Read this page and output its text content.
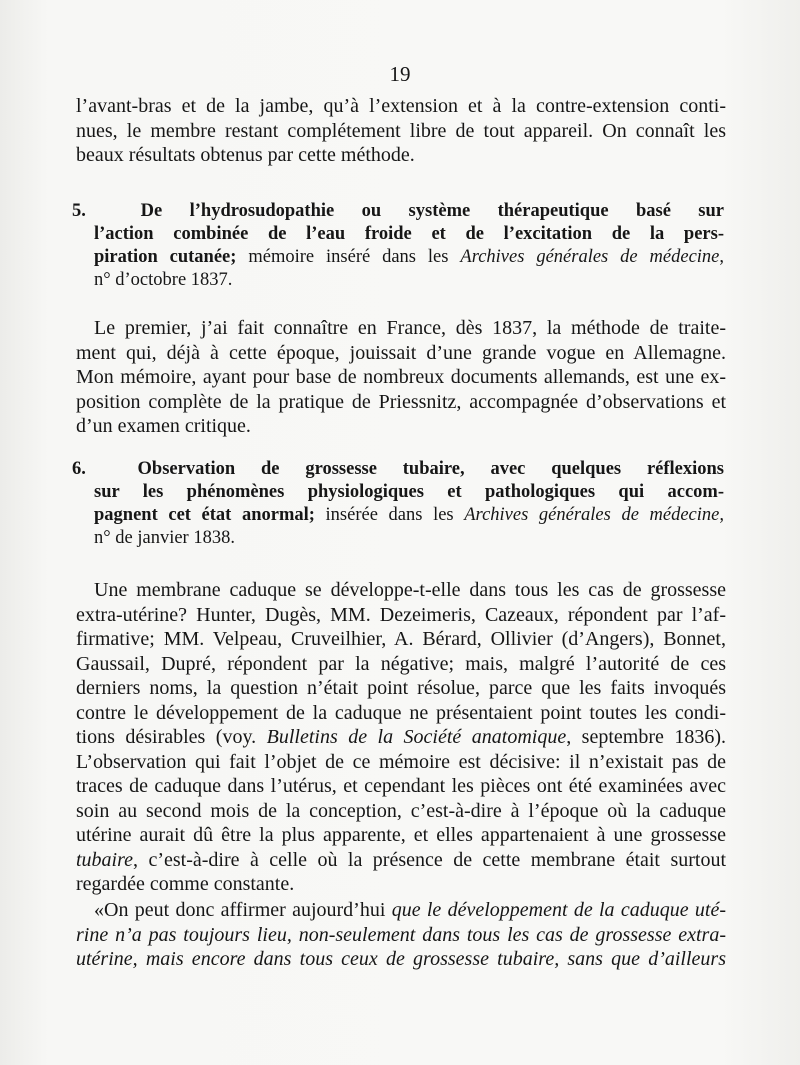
19
l’avant-bras et de la jambe, qu’à l’extension et à la contre-extension conti-
nues, le membre restant complétement libre de tout appareil. On connaît les
beaux résultats obtenus par cette méthode.
5.	De l’hydrosudopathie ou système thérapeutique basé sur
l’action combinée de l’eau froide et de l’excitation de la pers-
piration cutanée; mémoire inséré dans les Archives générales de médecine,
n° d’octobre 1837.
Le premier, j’ai fait connaître en France, dès 1837, la méthode de traite-
ment qui, déjà à cette époque, jouissait d’une grande vogue en Allemagne.
Mon mémoire, ayant pour base de nombreux documents allemands, est une ex-
position complète de la pratique de Priessnitz, accompagnée d’observations et
d’un examen critique.
6.	Observation de grossesse tubaire, avec quelques réflexions
sur les phénomènes physiologiques et pathologiques qui accom-
pagnent cet état anormal; insérée dans les Archives générales de médecine,
n° de janvier 1838.
Une membrane caduque se développe-t-elle dans tous les cas de grossesse
extra-utérine? Hunter, Dugès, MM. Dezeimeris, Cazeaux, répondent par l’af-
firmative; MM. Velpeau, Cruveilhier, A. Bérard, Ollivier (d’Angers), Bonnet,
Gaussail, Dupré, répondent par la négative; mais, malgré l’autorité de ces
derniers noms, la question n’était point résolue, parce que les faits invoqués
contre le développement de la caduque ne présentaient point toutes les condi-
tions désirables (voy. Bulletins de la Société anatomique, septembre 1836).
L’observation qui fait l’objet de ce mémoire est décisive: il n’existait pas de
traces de caduque dans l’utérus, et cependant les pièces ont été examinées avec
soin au second mois de la conception, c’est-à-dire à l’époque où la caduque
utérine aurait dû être la plus apparente, et elles appartenaient à une grossesse
tubaire, c’est-à-dire à celle où la présence de cette membrane était surtout
regardée comme constante.
«On peut donc affirmer aujourd’hui que le développement de la caduque uté-
rine n’a pas toujours lieu, non-seulement dans tous les cas de grossesse extra-
utérine, mais encore dans tous ceux de grossesse tubaire, sans que d’ailleurs
